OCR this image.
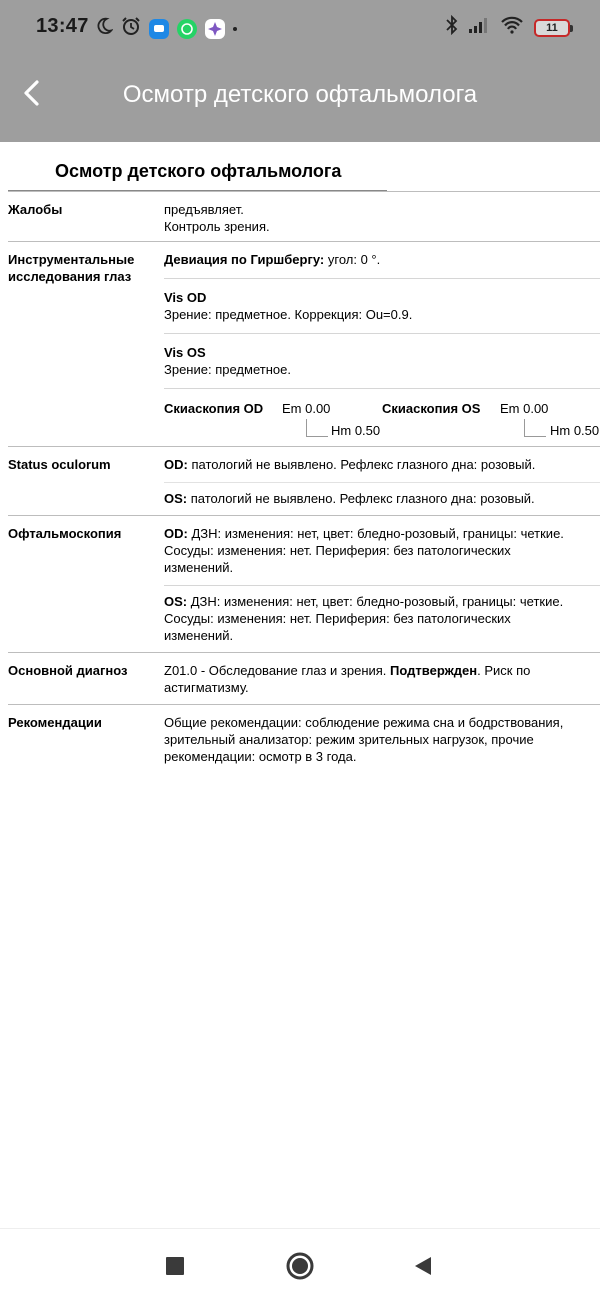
13:47	11
Осмотр детского офтальмолога
Осмотр детского офтальмолога
Жалобы	предъявляет.
Контроль зрения.
Инструментальные
исследования глаз
Девиация по Гиршбергу: угол: 0 °.
Vis OD
Зрение: предметное. Коррекция: Ou=0.9.
Vis OS
Зрение: предметное.
Скиаскопия OD	Em 0.00
Hm 0.50
Скиаскопия OS	Em 0.00
Hm 0.50
Status oculorum	OD: патологий не выявлено. Рефлекс глазного дна: розовый.
OS: патологий не выявлено. Рефлекс глазного дна: розовый.
Офтальмоскопия	OD: ДЗН: изменения: нет, цвет: бледно-розовый, границы: четкие.
Сосуды: изменения: нет. Периферия: без патологических
изменений.
OS: ДЗН: изменения: нет, цвет: бледно-розовый, границы: четкие.
Сосуды: изменения: нет. Периферия: без патологических
изменений.
Основной диагноз	Z01.0 - Обследование глаз и зрения. Подтвержден. Риск по
астигматизму.
Рекомендации	Общие рекомендации: соблюдение режима сна и бодрствования,
зрительный анализатор: режим зрительных нагрузок, прочие
рекомендации: осмотр в 3 года.
